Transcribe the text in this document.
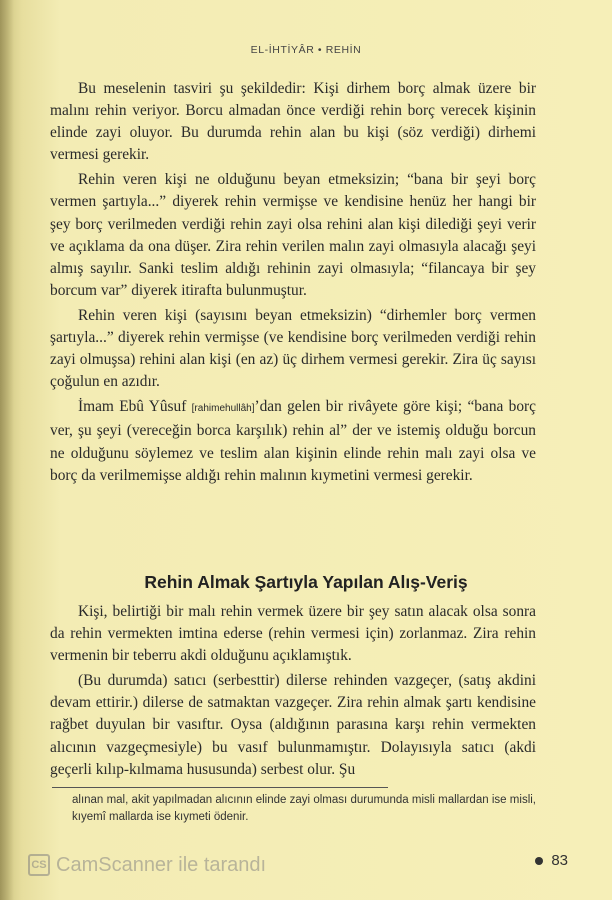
EL-İHTİYÂR • REHİN

Bu meselenin tasviri şu şekildedir: Kişi dirhem borç almak üzere bir malını rehin veriyor. Borcu almadan önce verdiği rehin borç verecek kişinin elinde zayi oluyor. Bu durumda rehin alan bu kişi (söz verdiği) dirhemi vermesi gerekir.

Rehin veren kişi ne olduğunu beyan etmeksizin; “bana bir şeyi borç vermen şartıyla...” diyerek rehin vermişse ve kendisine henüz her hangi bir şey borç verilmeden verdiği rehin zayi olsa rehini alan kişi dilediği şeyi verir ve açıklama da ona düşer. Zira rehin verilen malın zayi olmasıyla alacağı şeyi almış sayılır. Sanki teslim aldığı rehinin zayi olmasıyla; “filancaya bir şey borcum var” diyerek itirafta bulunmuştur.

Rehin veren kişi (sayısını beyan etmeksizin) “dirhemler borç vermen şartıyla...” diyerek rehin vermişse (ve kendisine borç verilmeden verdiği rehin zayi olmuşsa) rehini alan kişi (en az) üç dirhem vermesi gerekir. Zira üç sayısı çoğulun en azıdır.

İmam Ebû Yûsuf [rahimehullâh]’dan gelen bir rivâyete göre kişi; “bana borç ver, şu şeyi (vereceğin borca karşılık) rehin al” der ve istemiş olduğu borcun ne olduğunu söylemez ve teslim alan kişinin elinde rehin malı zayi olsa ve borç da verilmemişse aldığı rehin malının kıymetini vermesi gerekir.

Rehin Almak Şartıyla Yapılan Alış-Veriş

Kişi, belirtiği bir malı rehin vermek üzere bir şey satın alacak olsa sonra da rehin vermekten imtina ederse (rehin vermesi için) zorlanmaz. Zira rehin vermenin bir teberru akdi olduğunu açıklamıştık.

(Bu durumda) satıcı (serbesttir) dilerse rehinden vazgeçer, (satış akdini devam ettirir.) dilerse de satmaktan vazgeçer. Zira rehin almak şartı kendisine rağbet duyulan bir vasıftır. Oysa (aldığının parasına karşı rehin vermekten alıcının vazgeçmesiyle) bu vasıf bulunmamıştır. Dolayısıyla satıcı (akdi geçerli kılıp-kılmama hususunda) serbest olur. Şu

alınan mal, akit yapılmadan alıcının elinde zayi olması durumunda misli mallardan ise misli, kıyemî mallarda ise kıymeti ödenir.
CS CamScanner ile tarandı	83
